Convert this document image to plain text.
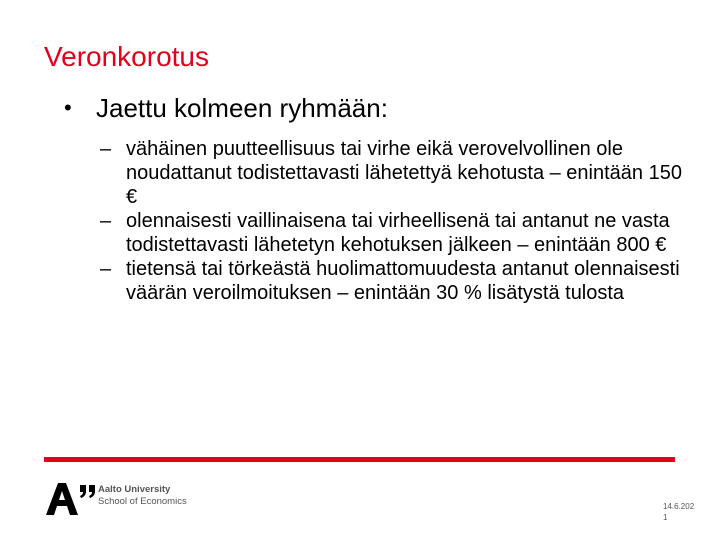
Veronkorotus
• Jaettu kolmeen ryhmään:
– vähäinen puutteellisuus tai virhe eikä verovelvollinen ole noudattanut todistettavasti lähetettyä kehotusta – enintään 150 €
– olennaisesti vaillinaisena tai virheellisenä tai antanut ne vasta todistettavasti lähetetyn kehotuksen jälkeen – enintään 800 €
– tietensä tai törkeästä huolimattomuudesta antanut olennaisesti väärän veroilmoituksen – enintään 30 % lisätystä tulosta
Aalto University
School of Economics	14.6.202
1
